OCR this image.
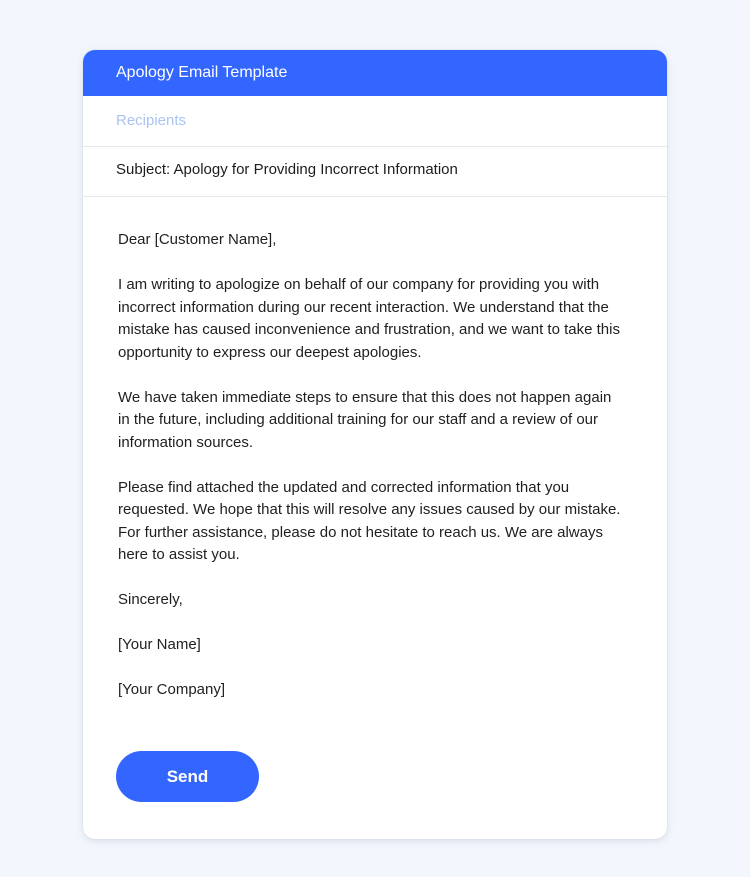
Apology Email Template
Recipients
Subject: Apology for Providing Incorrect Information

Dear [Customer Name],

I am writing to apologize on behalf of our company for providing you with incorrect information during our recent interaction. We understand that the mistake has caused inconvenience and frustration, and we want to take this opportunity to express our deepest apologies.

We have taken immediate steps to ensure that this does not happen again in the future, including additional training for our staff and a review of our information sources.

Please find attached the updated and corrected information that you requested. We hope that this will resolve any issues caused by our mistake. For further assistance, please do not hesitate to reach us. We are always here to assist you.

Sincerely,

[Your Name]

[Your Company]

Send
